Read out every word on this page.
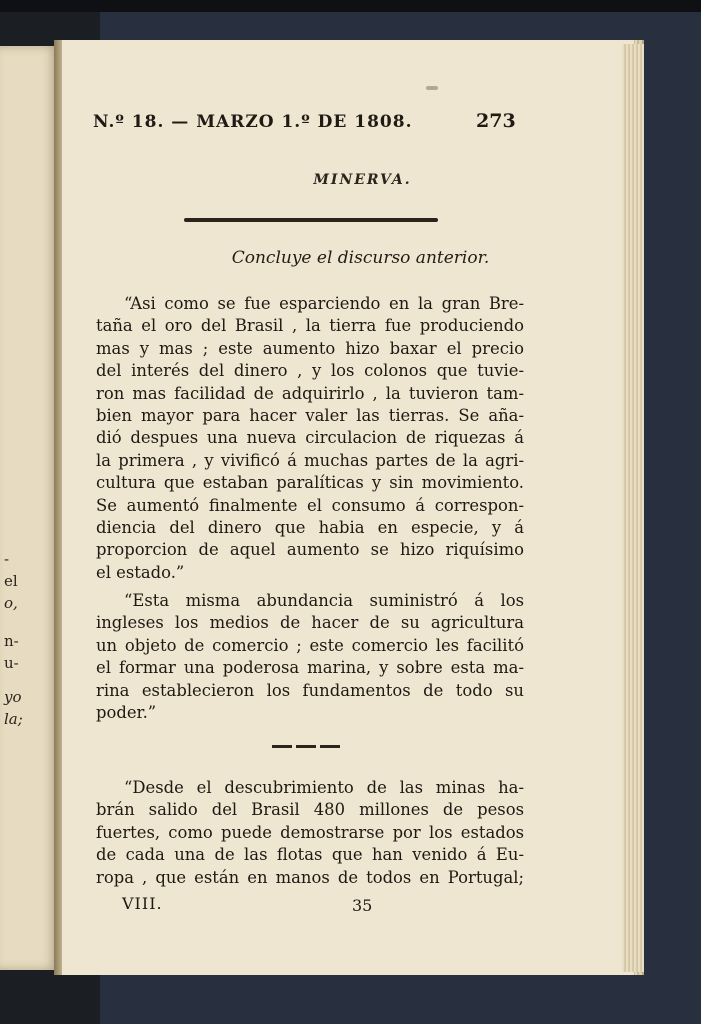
-
el
o,
n-
u-
yo
la;
N.º 18. — MARZO 1.º DE 1808.	273
MINERVA.
Concluye el discurso anterior.
“Asi como se fue esparciendo en la gran Bre-
taña el oro del Brasil , la tierra fue produciendo
mas y mas ; este aumento hizo baxar el precio
del interés del dinero , y los colonos que tuvie-
ron mas facilidad de adquirirlo , la tuvieron tam-
bien mayor para hacer valer las tierras. Se aña-
dió despues una nueva circulacion de riquezas á
la primera , y vivificó á muchas partes de la agri-
cultura que estaban paralíticas y sin movimiento.
Se aumentó finalmente el consumo á correspon-
diencia del dinero que habia en especie, y á
proporcion de aquel aumento se hizo riquísimo
el estado.”
“Esta misma abundancia suministró á los
ingleses los medios de hacer de su agricultura
un objeto de comercio ; este comercio les facilitó
el formar una poderosa marina, y sobre esta ma-
rina establecieron los fundamentos de todo su
poder.”
“Desde el descubrimiento de las minas ha-
brán salido del Brasil 480 millones de pesos
fuertes, como puede demostrarse por los estados
de cada una de las flotas que han venido á Eu-
ropa , que están en manos de todos en Portugal;
VIII.	35
